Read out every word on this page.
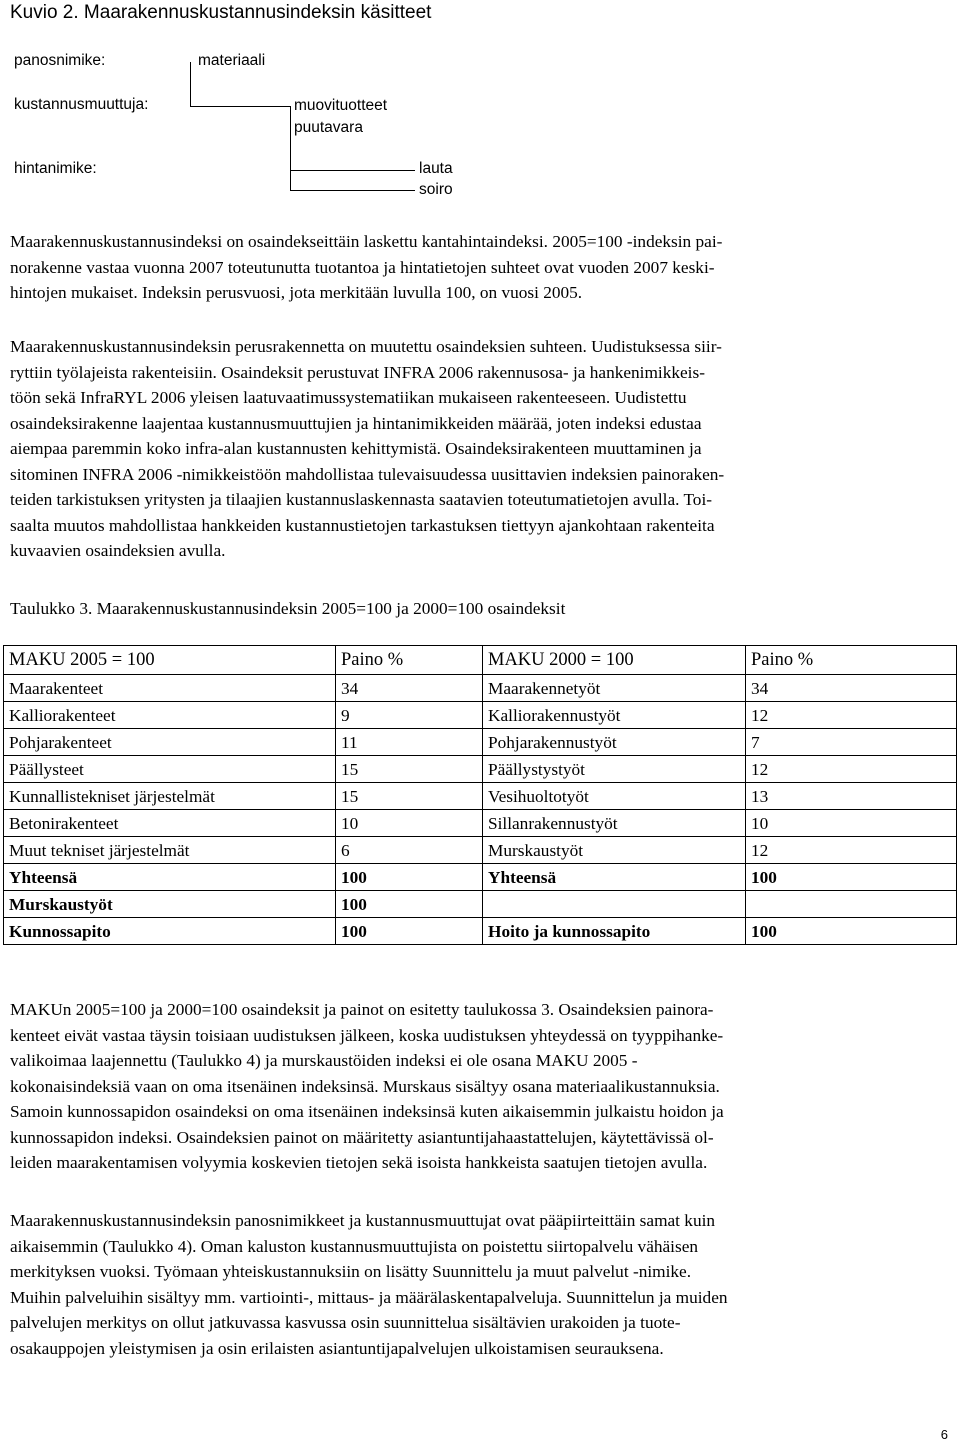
Kuvio 2. Maarakennuskustannusindeksin käsitteet
panosnimike:
kustannusmuuttuja:
hintanimike:
materiaali
muovituotteet
puutavara
lauta
soiro
Maarakennuskustannusindeksi on osaindekseittäin laskettu kantahintaindeksi. 2005=100 -indeksin pai-
norakenne vastaa vuonna 2007 toteutunutta tuotantoa ja hintatietojen suhteet ovat vuoden 2007 keski-
hintojen mukaiset. Indeksin perusvuosi, jota merkitään luvulla 100, on vuosi 2005.
Maarakennuskustannusindeksin perusrakennetta on muutettu osaindeksien suhteen. Uudistuksessa siir-
ryttiin työlajeista rakenteisiin. Osaindeksit perustuvat INFRA 2006 rakennusosa- ja hankenimikkeis-
töön sekä InfraRYL 2006 yleisen laatuvaatimussystematiikan mukaiseen rakenteeseen. Uudistettu
osaindeksirakenne laajentaa kustannusmuuttujien ja hintanimikkeiden määrää, joten indeksi edustaa
aiempaa paremmin koko infra-alan kustannusten kehittymistä. Osaindeksirakenteen muuttaminen ja
sitominen INFRA 2006 -nimikkeistöön mahdollistaa tulevaisuudessa uusittavien indeksien painoraken-
teiden tarkistuksen yritysten ja tilaajien kustannuslaskennasta saatavien toteutumatietojen avulla. Toi-
saalta muutos mahdollistaa hankkeiden kustannustietojen tarkastuksen tiettyyn ajankohtaan rakenteita
kuvaavien osaindeksien avulla.
Taulukko 3. Maarakennuskustannusindeksin 2005=100 ja 2000=100 osaindeksit
MAKU 2005 = 100	Paino %	MAKU 2000 = 100	Paino %
Maarakenteet	34	Maarakennetyöt	34
Kalliorakenteet	9	Kalliorakennustyöt	12
Pohjarakenteet	11	Pohjarakennustyöt	7
Päällysteet	15	Päällystystyöt	12
Kunnallistekniset järjestelmät	15	Vesihuoltotyöt	13
Betonirakenteet	10	Sillanrakennustyöt	10
Muut tekniset järjestelmät	6	Murskaustyöt	12
Yhteensä	100	Yhteensä	100
Murskaustyöt	100		
Kunnossapito	100	Hoito ja kunnossapito	100
MAKUn 2005=100 ja 2000=100 osaindeksit ja painot on esitetty taulukossa 3. Osaindeksien painora-
kenteet eivät vastaa täysin toisiaan uudistuksen jälkeen, koska uudistuksen yhteydessä on tyyppihanke-
valikoimaa laajennettu (Taulukko 4) ja murskaustöiden indeksi ei ole osana MAKU 2005 -
kokonaisindeksiä vaan on oma itsenäinen indeksinsä. Murskaus sisältyy osana materiaalikustannuksia.
Samoin kunnossapidon osaindeksi on oma itsenäinen indeksinsä kuten aikaisemmin julkaistu hoidon ja
kunnossapidon indeksi. Osaindeksien painot on määritetty asiantuntijahaastattelujen, käytettävissä ol-
leiden maarakentamisen volyymia koskevien tietojen sekä isoista hankkeista saatujen tietojen avulla.
Maarakennuskustannusindeksin panosnimikkeet ja kustannusmuuttujat ovat pääpiirteittäin samat kuin
aikaisemmin (Taulukko 4). Oman kaluston kustannusmuuttujista on poistettu siirtopalvelu vähäisen
merkityksen vuoksi. Työmaan yhteiskustannuksiin on lisätty Suunnittelu ja muut palvelut -nimike.
Muihin palveluihin sisältyy mm. vartiointi-, mittaus- ja määrälaskentapalveluja. Suunnittelun ja muiden
palvelujen merkitys on ollut jatkuvassa kasvussa osin suunnittelua sisältävien urakoiden ja tuote-
osakauppojen yleistymisen ja osin erilaisten asiantuntijapalvelujen ulkoistamisen seurauksena.
6
